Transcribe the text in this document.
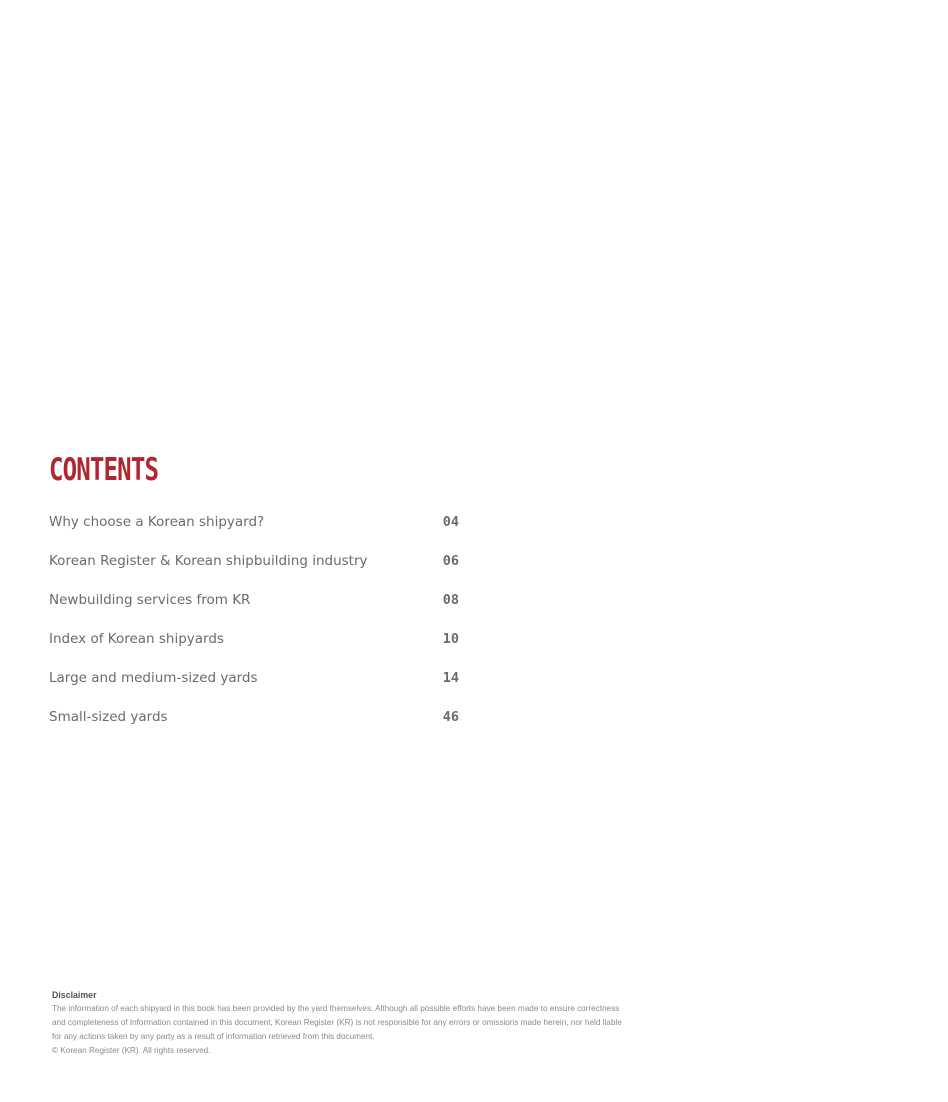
CONTENTS
Why choose a Korean shipyard?	04
Korean Register & Korean shipbuilding industry	06
Newbuilding services from KR	08
Index of Korean shipyards	10
Large and medium-sized yards	14
Small-sized yards	46

Disclaimer

The information of each shipyard in this book has been provided by the yard themselves. Although all possible efforts have been made to ensure correctness

and completeness of Information contained in this document, Korean Register (KR) is not responsible for any errors or omissions made herein, nor held liable

for any actions taken by any party as a result of information retrieved from this document.

© Korean Register (KR). All rights reserved.
